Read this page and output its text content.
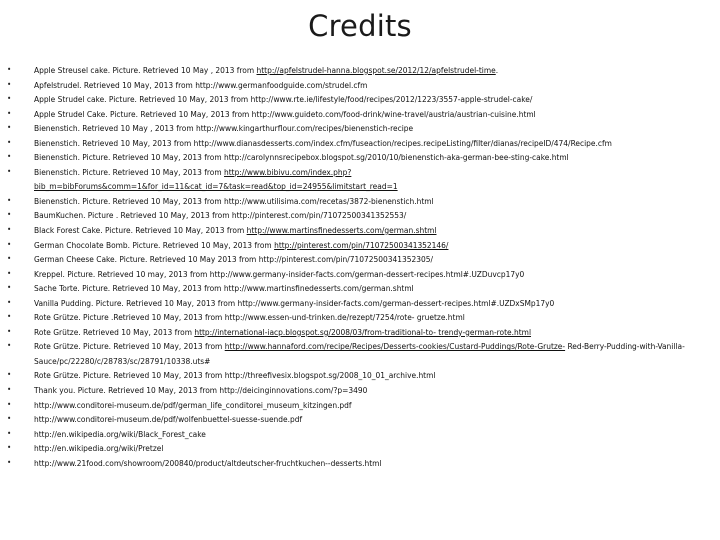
Credits
•	Apple Streusel cake. Picture. Retrieved 10 May , 2013 from http://apfelstrudel-hanna.blogspot.se/2012/12/apfelstrudel-time.
•	Apfelstrudel. Retrieved 10 May, 2013 from http://www.germanfoodguide.com/strudel.cfm
•	Apple Strudel cake. Picture. Retrieved 10 May, 2013 from http://www.rte.ie/lifestyle/food/recipes/2012/1223/3557-apple-strudel-cake/
•	Apple Strudel Cake. Picture. Retrieved 10 May, 2013 from http://www.guideto.com/food-drink/wine-travel/austria/austrian-cuisine.html
•	Bienenstich. Retrieved 10 May , 2013 from http://www.kingarthurflour.com/recipes/bienenstich-recipe
•	Bienenstich. Retrieved 10 May, 2013 from http://www.dianasdesserts.com/index.cfm/fuseaction/recipes.recipeListing/filter/dianas/recipeID/474/Recipe.cfm
•	Bienenstich. Picture. Retrieved 10 May, 2013 from http://carolynnsrecipebox.blogspot.sg/2010/10/bienenstich-aka-german-bee-sting-cake.html
•	Bienenstich. Picture. Retrieved 10 May, 2013 from http://www.bibivu.com/index.php?bib_m=bibForums&comm=1&for_id=11&cat_id=7&task=read&top_id=24955&limitstart_read=1
•	Bienenstich. Picture. Retrieved 10 May, 2013 from http://www.utilisima.com/recetas/3872-bienenstich.html
•	BaumKuchen. Picture . Retrieved 10 May, 2013 from http://pinterest.com/pin/71072500341352553/
•	Black Forest Cake. Picture. Retrieved 10 May, 2013 from http://www.martinsfinedesserts.com/german.shtml
•	German Chocolate Bomb. Picture. Retrieved 10 May, 2013 from http://pinterest.com/pin/71072500341352146/
•	German Cheese Cake. Picture. Retrieved 10 May 2013 from http://pinterest.com/pin/71072500341352305/
•	Kreppel. Picture. Retrieved 10 may, 2013 from http://www.germany-insider-facts.com/german-dessert-recipes.html#.UZDuvcp17y0
•	Sache Torte. Picture. Retrieved 10 May, 2013 from http://www.martinsfinedesserts.com/german.shtml
•	Vanilla Pudding. Picture. Retrieved 10 May, 2013 from http://www.germany-insider-facts.com/german-dessert-recipes.html#.UZDxSMp17y0
•	Rote Grütze. Picture .Retrieved 10 May, 2013 from http://www.essen-und-trinken.de/rezept/7254/rote- gruetze.html
•	Rote Grütze. Retrieved 10 May, 2013 from http://international-iacp.blogspot.sg/2008/03/from-traditional-to- trendy-german-rote.html
•	Rote Grütze. Picture. Retrieved 10 May, 2013 from http://www.hannaford.com/recipe/Recipes/Desserts-cookies/Custard-Puddings/Rote-Grutze- Red-Berry-Pudding-with-Vanilla-Sauce/pc/22280/c/28783/sc/28791/10338.uts#
•	Rote Grütze. Picture. Retrieved 10 May, 2013 from http://threefivesix.blogspot.sg/2008_10_01_archive.html
•	Thank you. Picture. Retrieved 10 May, 2013 from http://deicinginnovations.com/?p=3490
•	http://www.conditorei-museum.de/pdf/german_life_conditorei_museum_kitzingen.pdf
•	http://www.conditorei-museum.de/pdf/wolfenbuettel-suesse-suende.pdf
•	http://en.wikipedia.org/wiki/Black_Forest_cake
•	http://en.wikipedia.org/wiki/Pretzel
•	http://www.21food.com/showroom/200840/product/altdeutscher-fruchtkuchen--desserts.html
